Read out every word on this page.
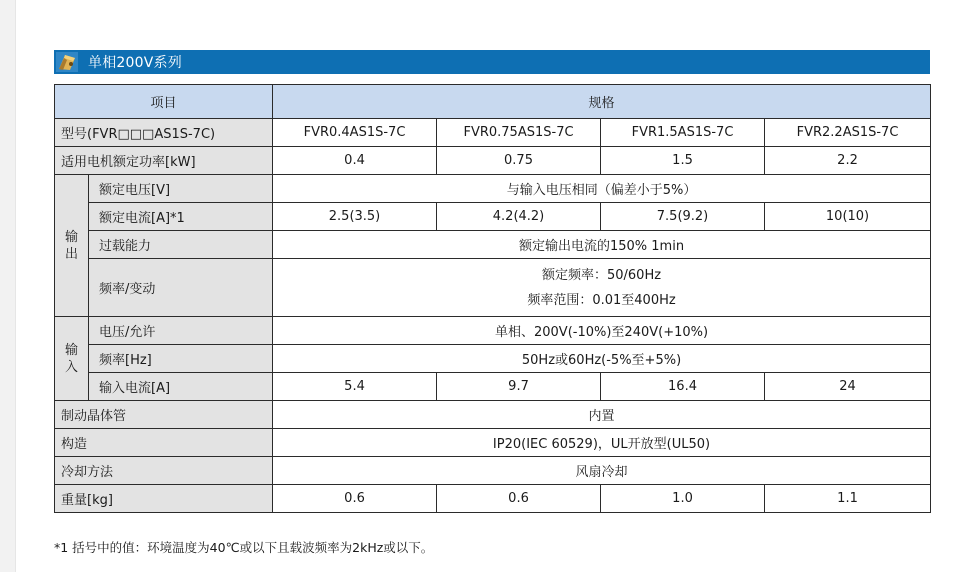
单相200V系列
项目		规格			
型号(FVR□□□AS1S-7C)		FVR0.4AS1S-7C	FVR0.75AS1S-7C	FVR1.5AS1S-7C	FVR2.2AS1S-7C
适用电机额定功率[kW]		0.4	0.75	1.5	2.2
输出	额定电压[V]	与输入电压相同（偏差小于5%）			
	额定电流[A]*1	2.5(3.5)	4.2(4.2)	7.5(9.2)	10(10)
	过载能力	额定输出电流的150% 1min			
	频率/变动	额定频率：50/60Hz
频率范围：0.01至400Hz			

输入	电压/允许	单相、200V(-10%)至240V(+10%)			
	频率[Hz]	50Hz或60Hz(-5%至+5%)			
	输入电流[A]	5.4	9.7	16.4	24
制动晶体管		内置			
构造		IP20(IEC 60529)，UL开放型(UL50)			
冷却方法		风扇冷却			
重量[kg]		0.6	0.6	1.0	1.1
*1 括号中的值：环境温度为40℃或以下且载波频率为2kHz或以下。
